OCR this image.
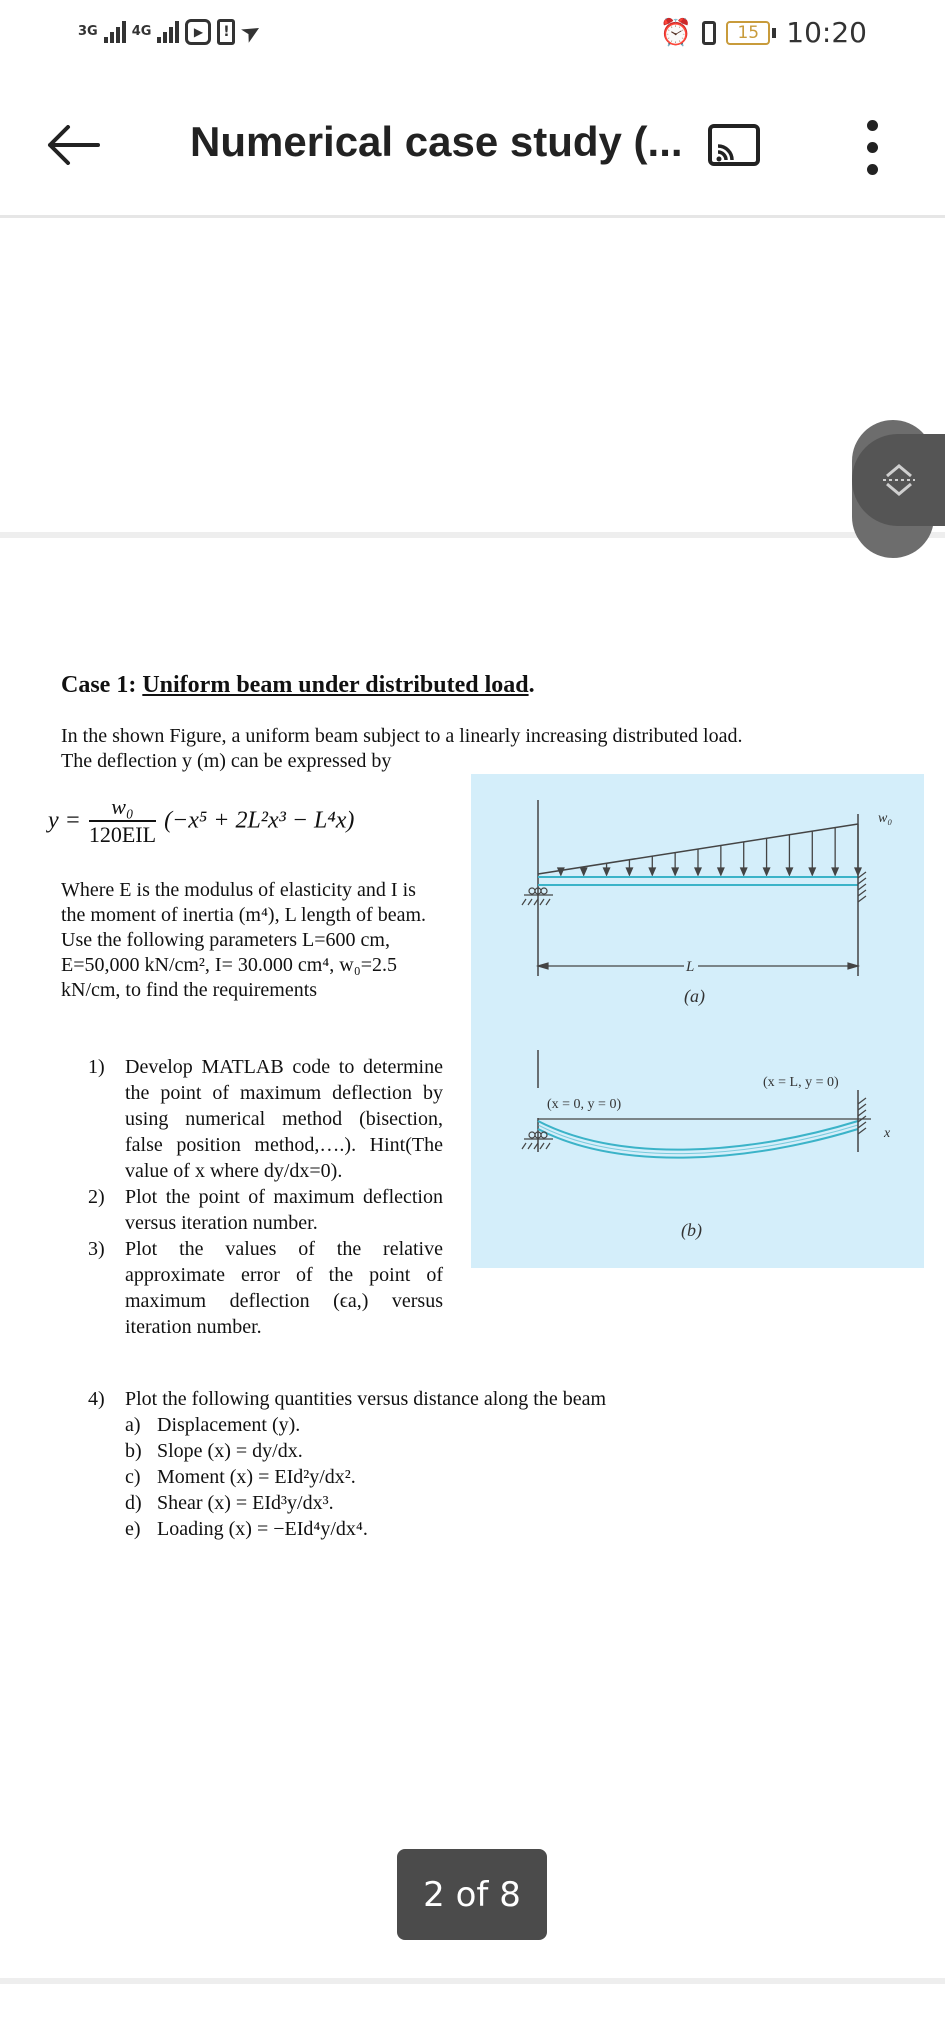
3G	4G	▶	! ➤	⏰	15 10:20
Numerical case study (...
Case 1: Uniform beam under distributed load.
In the shown Figure, a uniform beam subject to a linearly increasing distributed load.
The deflection y (m) can be expressed by
$y = \frac{\text{w₀}}{\text{120EIL}} (-x^5 + 2L^2x^3 - L^4x)$
Where E is the modulus of elasticity and I is the moment of inertia (m⁴), L length of beam.
Use the following parameters L=600 cm, E=50,000 kN/cm², I= 30.000 cm⁴, w₀=2.5 kN/cm, to find the requirements
1)	Develop MATLAB code to determine the point of maximum deflection by using numerical method (bisection, false position method,….). Hint(The value of x where dy/dx=0).
2)	Plot the point of maximum deflection versus iteration number.
3)	Plot the values of the relative approximate error of the point of maximum deflection (ϵa,) versus iteration number.
4)	Plot the following quantities versus distance along the beam
a) Displacement (y).
b) Slope (x) = dy/dx.
c) Moment (x) = EId²y/dx².
d) Shear (x) = EId³y/dx³.
e) Loading (x) = −EId⁴y/dx⁴.
w₀
L
(a)
(x = 0, y = 0)
(x = L, y = 0)
x
(b)
2 of 8
